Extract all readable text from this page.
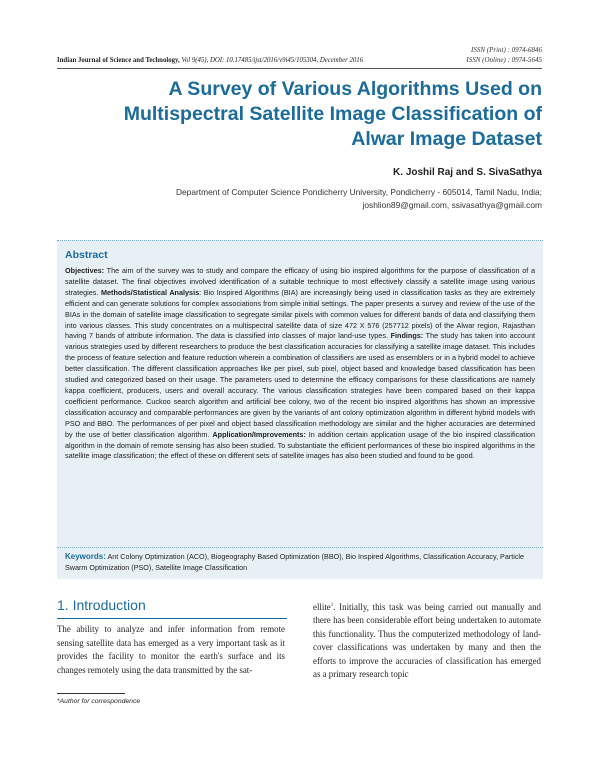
ISSN (Print) : 0974-6846
ISSN (Online) : 0974-5645
Indian Journal of Science and Technology, Vol 9(45), DOI: 10.17485/ijst/2016/v9i45/105304, December 2016
A Survey of Various Algorithms Used on Multispectral Satellite Image Classification of Alwar Image Dataset
K. Joshil Raj and S. SivaSathya
Department of Computer Science Pondicherry University, Pondicherry - 605014, Tamil Nadu, India;
joshlion89@gmail.com, ssivasathya@gmail.com
Abstract
Objectives: The aim of the survey was to study and compare the efficacy of using bio inspired algorithms for the purpose of classification of a satellite dataset. The final objectives involved identification of a suitable technique to most effectively classify a satellite image using various strategies. Methods/Statistical Analysis: Bio Inspired Algorithms (BIA) are increasingly being used in classification tasks as they are extremely efficient and can generate solutions for complex associations from simple initial settings. The paper presents a survey and review of the use of the BIAs in the domain of satellite image classification to segregate similar pixels with common values for different bands of data and classifying them into various classes. This study concentrates on a multispectral satellite data of size 472 X 576 (257712 pixels) of the Alwar region, Rajasthan having 7 bands of attribute information. The data is classified into classes of major land-use types. Findings: The study has taken into account various strategies used by different researchers to produce the best classification accuracies for classifying a satellite image dataset. This includes the process of feature selection and feature reduction wherein a combination of classifiers are used as ensemblers or in a hybrid model to achieve better classification. The different classification approaches like per pixel, sub pixel, object based and knowledge based classification has been studied and categorized based on their usage. The parameters used to determine the efficacy comparisons for these classifications are namely kappa coefficient, producers, users and overall accuracy. The various classification strategies have been compared based on their kappa coefficient performance. Cuckoo search algorithm and artificial bee colony, two of the recent bio inspired algorithms has shown an impressive classification accuracy and comparable performances are given by the variants of ant colony optimization algorithm in different hybrid models with PSO and BBO. The performances of per pixel and object based classification methodology are similar and the higher accuracies are determined by the use of better classification algorithm. Application/Improvements: In addition certain application usage of the bio inspired classification algorithm in the domain of remote sensing has also been studied. To substantiate the efficient performances of these bio inspired algorithms in the satellite image classification; the effect of these on different sets of satellite images has also been studied and found to be good.
Keywords: Ant Colony Optimization (ACO), Biogeography Based Optimization (BBO), Bio Inspired Algorithms, Classification Accuracy, Particle Swarm Optimization (PSO), Satellite Image Classification
1. Introduction
The ability to analyze and infer information from remote sensing satellite data has emerged as a very important task as it provides the facility to monitor the earth's surface and its changes remotely using the data transmitted by the sat-
ellite$^1$. Initially, this task was being carried out manually and there has been considerable effort being undertaken to automate this functionality. Thus the computerized methodology of land-cover classifications was undertaken by many and then the efforts to improve the accuracies of classification has emerged as a primary research topic
*Author for correspondence
